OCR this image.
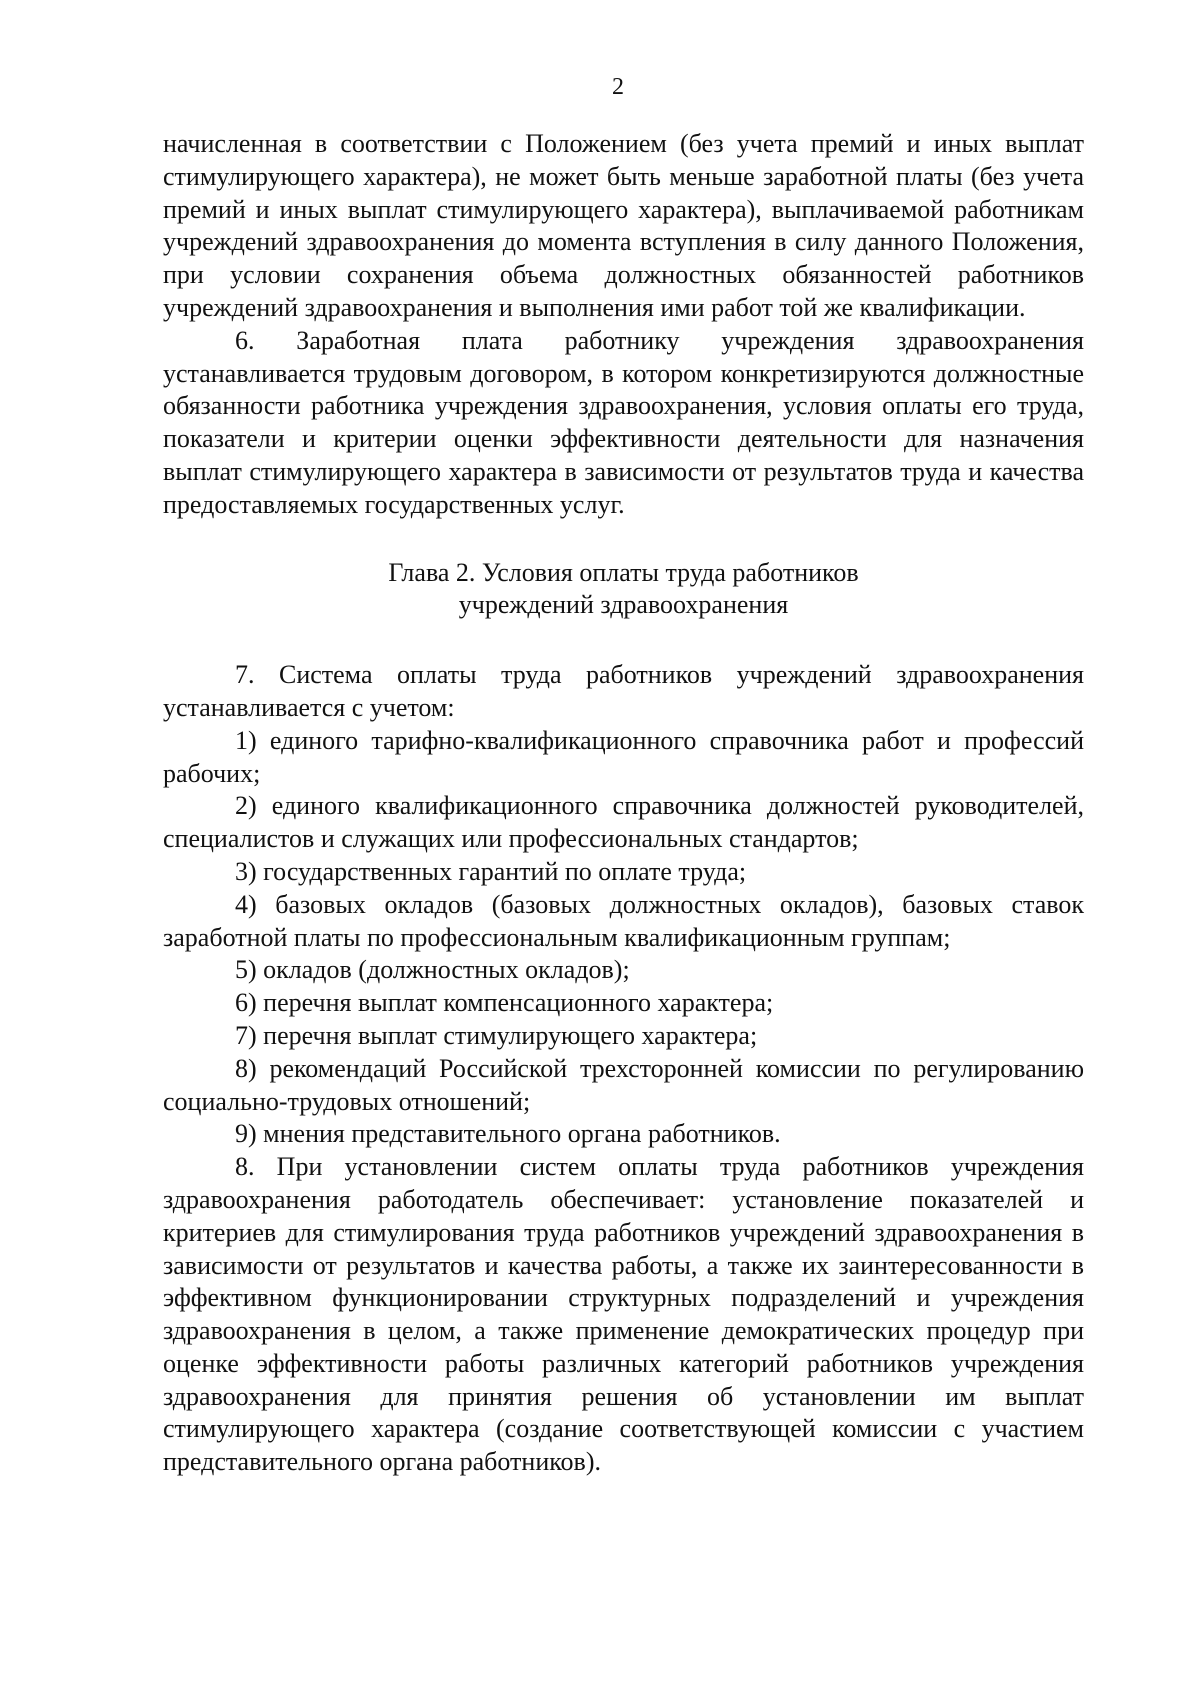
2

начисленная в соответствии с Положением (без учета премий и иных выплат стимулирующего характера), не может быть меньше заработной платы (без учета премий и иных выплат стимулирующего характера), выплачиваемой работникам учреждений здравоохранения до момента вступления в силу данного Положения, при условии сохранения объема должностных обязанностей работников учреждений здравоохранения и выполнения ими работ той же квалификации.

6. Заработная плата работнику учреждения здравоохранения устанавливается трудовым договором, в котором конкретизируются должностные обязанности работника учреждения здравоохранения, условия оплаты его труда, показатели и критерии оценки эффективности деятельности для назначения выплат стимулирующего характера в зависимости от результатов труда и качества предоставляемых государственных услуг.

Глава 2. Условия оплаты труда работников
учреждений здравоохранения

7. Система оплаты труда работников учреждений здравоохранения устанавливается с учетом:

1) единого тарифно-квалификационного справочника работ и профессий рабочих;

2) единого квалификационного справочника должностей руководителей, специалистов и служащих или профессиональных стандартов;

3) государственных гарантий по оплате труда;

4) базовых окладов (базовых должностных окладов), базовых ставок заработной платы по профессиональным квалификационным группам;

5) окладов (должностных окладов);

6) перечня выплат компенсационного характера;

7) перечня выплат стимулирующего характера;

8) рекомендаций Российской трехсторонней комиссии по регулированию социально-трудовых отношений;

9) мнения представительного органа работников.

8. При установлении систем оплаты труда работников учреждения здравоохранения работодатель обеспечивает: установление показателей и критериев для стимулирования труда работников учреждений здравоохранения в зависимости от результатов и качества работы, а также их заинтересованности в эффективном функционировании структурных подразделений и учреждения здравоохранения в целом, а также применение демократических процедур при оценке эффективности работы различных категорий работников учреждения здравоохранения для принятия решения об установлении им выплат стимулирующего характера (создание соответствующей комиссии с участием представительного органа работников).
